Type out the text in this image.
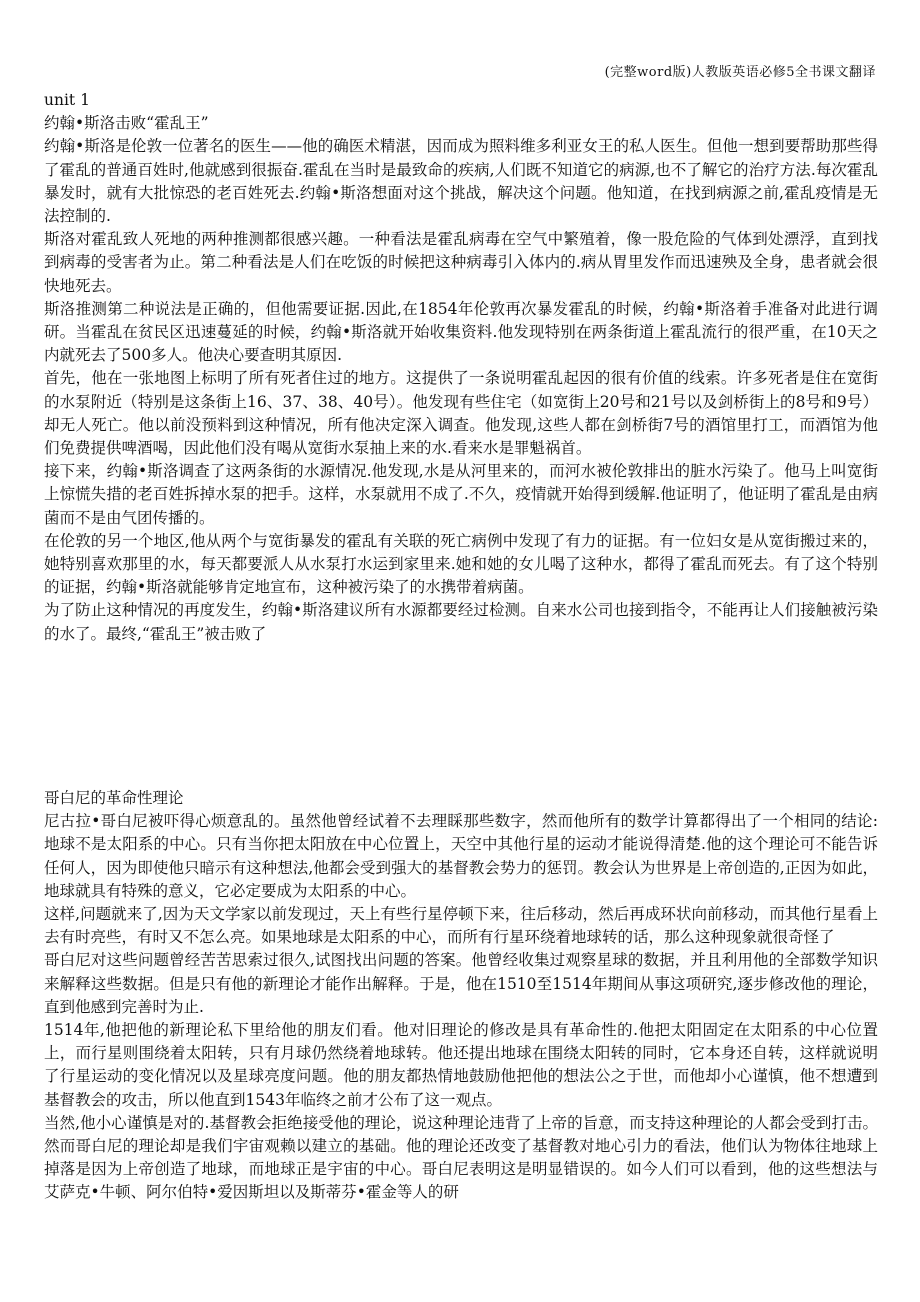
(完整word版)人教版英语必修5全书课文翻译
unit 1
约翰•斯洛击败“霍乱王”

约翰•斯洛是伦敦一位著名的医生——他的确医术精湛，因而成为照料维多利亚女王的私人医生。但他一想到要帮助那些得了霍乱的普通百姓时,他就感到很振奋.霍乱在当时是最致命的疾病,人们既不知道它的病源,也不了解它的治疗方法.每次霍乱暴发时，就有大批惊恐的老百姓死去.约翰•斯洛想面对这个挑战，解决这个问题。他知道，在找到病源之前,霍乱疫情是无法控制的.

斯洛对霍乱致人死地的两种推测都很感兴趣。一种看法是霍乱病毒在空气中繁殖着，像一股危险的气体到处漂浮，直到找到病毒的受害者为止。第二种看法是人们在吃饭的时候把这种病毒引入体内的.病从胃里发作而迅速殃及全身，患者就会很快地死去。

斯洛推测第二种说法是正确的，但他需要证据.因此,在1854年伦敦再次暴发霍乱的时候，约翰•斯洛着手准备对此进行调研。当霍乱在贫民区迅速蔓延的时候，约翰•斯洛就开始收集资料.他发现特别在两条街道上霍乱流行的很严重，在10天之内就死去了500多人。他决心要查明其原因.

首先，他在一张地图上标明了所有死者住过的地方。这提供了一条说明霍乱起因的很有价值的线索。许多死者是住在宽街的水泵附近（特别是这条街上16、37、38、40号）。他发现有些住宅（如宽街上20号和21号以及剑桥街上的8号和9号）却无人死亡。他以前没预料到这种情况，所有他决定深入调查。他发现,这些人都在剑桥街7号的酒馆里打工，而酒馆为他们免费提供啤酒喝，因此他们没有喝从宽街水泵抽上来的水.看来水是罪魁祸首。

接下来，约翰•斯洛调查了这两条街的水源情况.他发现,水是从河里来的，而河水被伦敦排出的脏水污染了。他马上叫宽街上惊慌失措的老百姓拆掉水泵的把手。这样，水泵就用不成了.不久，疫情就开始得到缓解.他证明了，他证明了霍乱是由病菌而不是由气团传播的。

在伦敦的另一个地区,他从两个与宽街暴发的霍乱有关联的死亡病例中发现了有力的证据。有一位妇女是从宽街搬过来的，她特别喜欢那里的水，每天都要派人从水泵打水运到家里来.她和她的女儿喝了这种水，都得了霍乱而死去。有了这个特别的证据，约翰•斯洛就能够肯定地宣布，这种被污染了的水携带着病菌。

为了防止这种情况的再度发生，约翰•斯洛建议所有水源都要经过检测。自来水公司也接到指令，不能再让人们接触被污染的水了。最终,“霍乱王”被击败了

哥白尼的革命性理论

尼古拉•哥白尼被吓得心烦意乱的。虽然他曾经试着不去理睬那些数字，然而他所有的数学计算都得出了一个相同的结论:地球不是太阳系的中心。只有当你把太阳放在中心位置上，天空中其他行星的运动才能说得清楚.他的这个理论可不能告诉任何人，因为即使他只暗示有这种想法,他都会受到强大的基督教会势力的惩罚。教会认为世界是上帝创造的,正因为如此，地球就具有特殊的意义，它必定要成为太阳系的中心。

这样,问题就来了,因为天文学家以前发现过，天上有些行星停顿下来，往后移动，然后再成环状向前移动，而其他行星看上去有时亮些，有时又不怎么亮。如果地球是太阳系的中心，而所有行星环绕着地球转的话，那么这种现象就很奇怪了

哥白尼对这些问题曾经苦苦思索过很久,试图找出问题的答案。他曾经收集过观察星球的数据，并且利用他的全部数学知识来解释这些数据。但是只有他的新理论才能作出解释。于是，他在1510至1514年期间从事这项研究,逐步修改他的理论，直到他感到完善时为止.

1514年,他把他的新理论私下里给他的朋友们看。他对旧理论的修改是具有革命性的.他把太阳固定在太阳系的中心位置上，而行星则围绕着太阳转，只有月球仍然绕着地球转。他还提出地球在围绕太阳转的同时，它本身还自转，这样就说明了行星运动的变化情况以及星球亮度问题。他的朋友都热情地鼓励他把他的想法公之于世，而他却小心谨慎，他不想遭到基督教会的攻击，所以他直到1543年临终之前才公布了这一观点。

当然,他小心谨慎是对的.基督教会拒绝接受他的理论，说这种理论违背了上帝的旨意，而支持这种理论的人都会受到打击。然而哥白尼的理论却是我们宇宙观赖以建立的基础。他的理论还改变了基督教对地心引力的看法，他们认为物体往地球上掉落是因为上帝创造了地球，而地球正是宇宙的中心。哥白尼表明这是明显错误的。如今人们可以看到，他的这些想法与艾萨克•牛顿、阿尔伯特•爱因斯坦以及斯蒂芬•霍金等人的研
